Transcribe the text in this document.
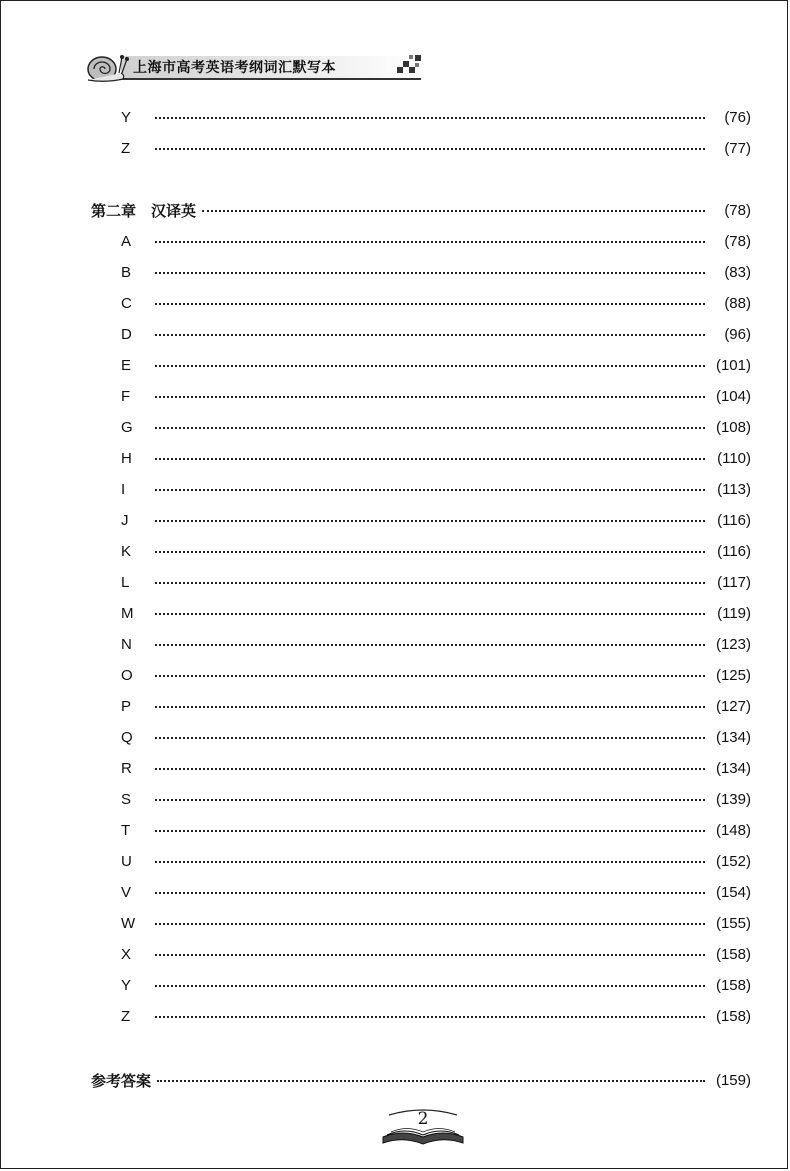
上海市高考英语考纲词汇默写本
Y	(76)
Z	(77)
第二章　汉译英	(78)
A	(78)
B	(83)
C	(88)
D	(96)
E	(101)
F	(104)
G	(108)
H	(110)
I	(113)
J	(116)
K	(116)
L	(117)
M	(119)
N	(123)
O	(125)
P	(127)
Q	(134)
R	(134)
S	(139)
T	(148)
U	(152)
V	(154)
W	(155)
X	(158)
Y	(158)
Z	(158)
参考答案	(159)
2
